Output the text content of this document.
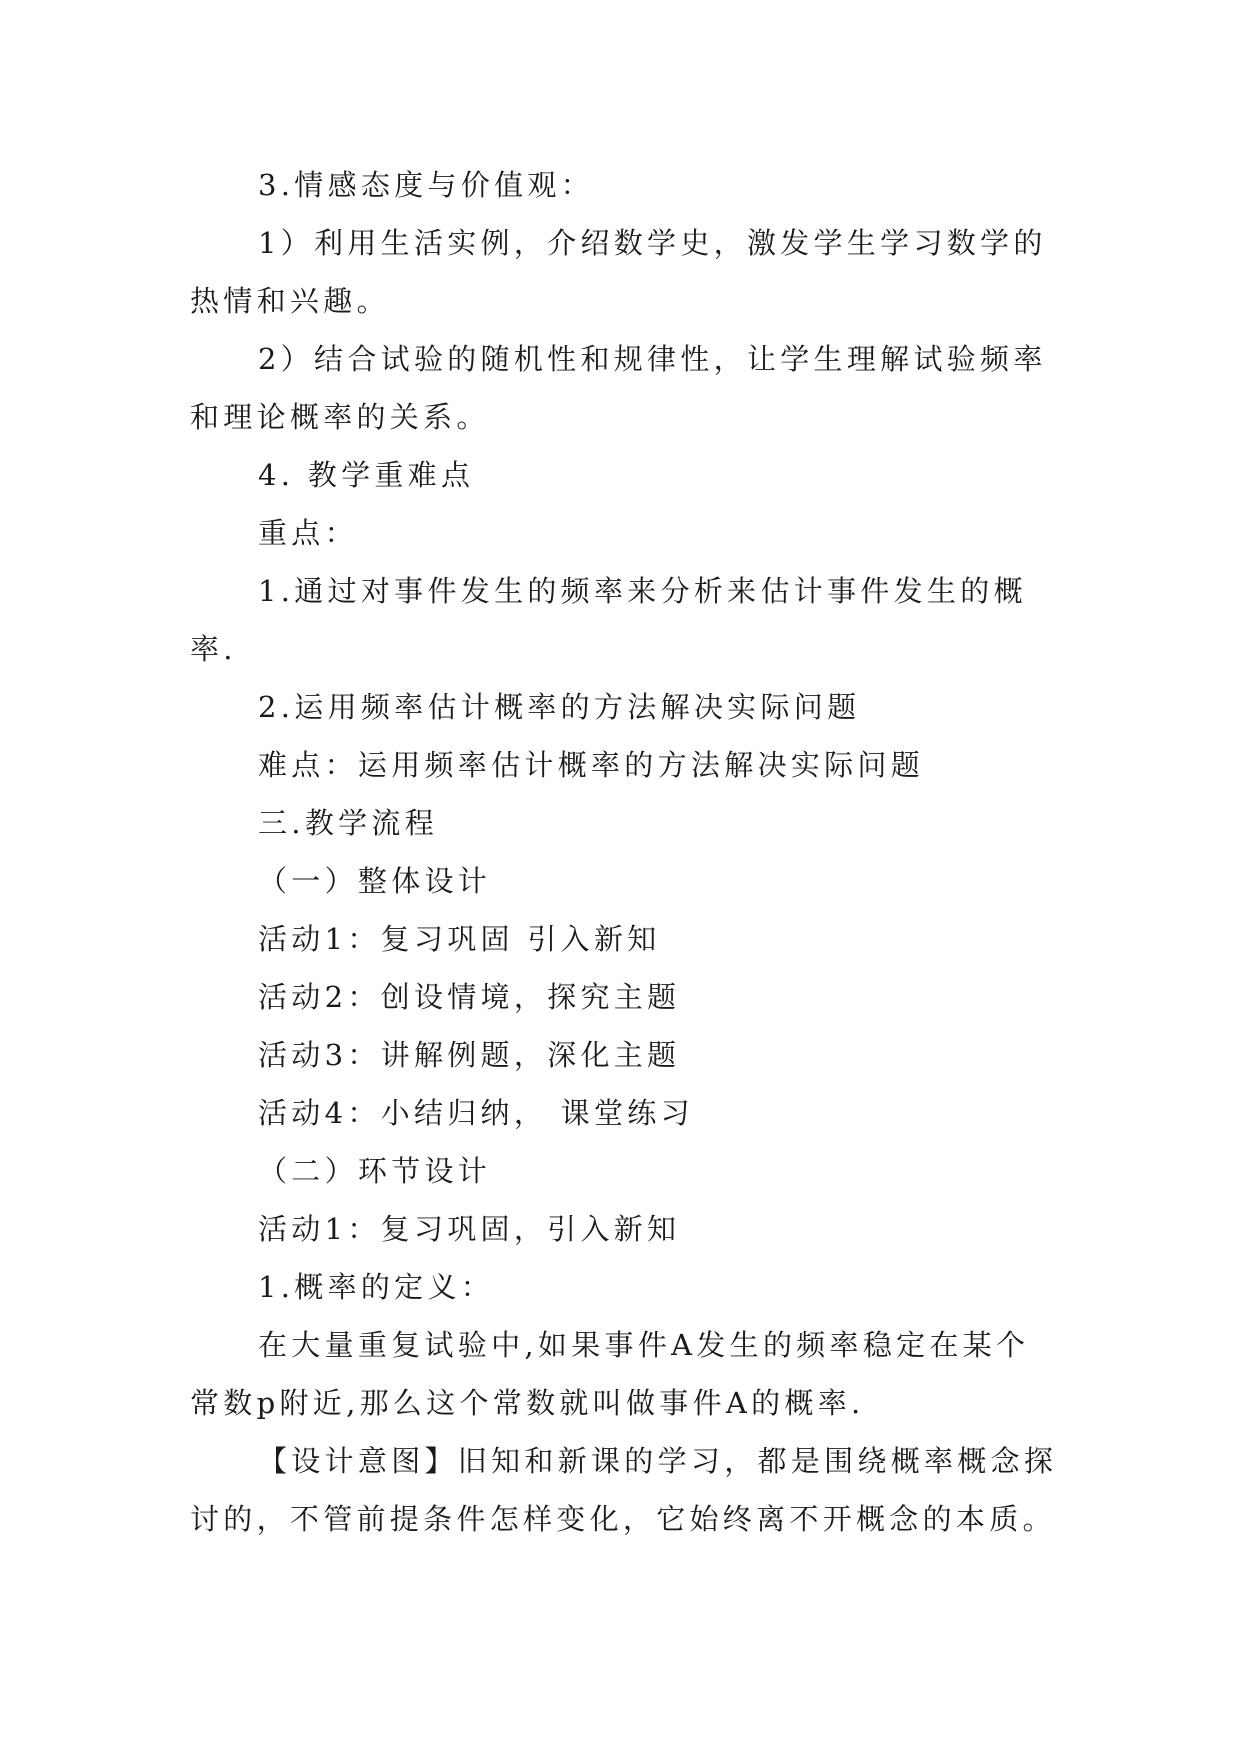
3.情感态度与价值观：

1）利用生活实例，介绍数学史，激发学生学习数学的

热情和兴趣。

2）结合试验的随机性和规律性，让学生理解试验频率

和理论概率的关系。

4. 教学重难点

重点：

1.通过对事件发生的频率来分析来估计事件发生的概

率.

2.运用频率估计概率的方法解决实际问题

难点：运用频率估计概率的方法解决实际问题

三.教学流程

（一）整体设计

活动1：复习巩固 引入新知

活动2：创设情境，探究主题

活动3：讲解例题，深化主题

活动4：小结归纳， 课堂练习

（二）环节设计

活动1：复习巩固，引入新知

1.概率的定义：

在大量重复试验中,如果事件A发生的频率稳定在某个

常数p附近,那么这个常数就叫做事件A的概率.

【设计意图】旧知和新课的学习，都是围绕概率概念探

讨的，不管前提条件怎样变化，它始终离不开概念的本质。
